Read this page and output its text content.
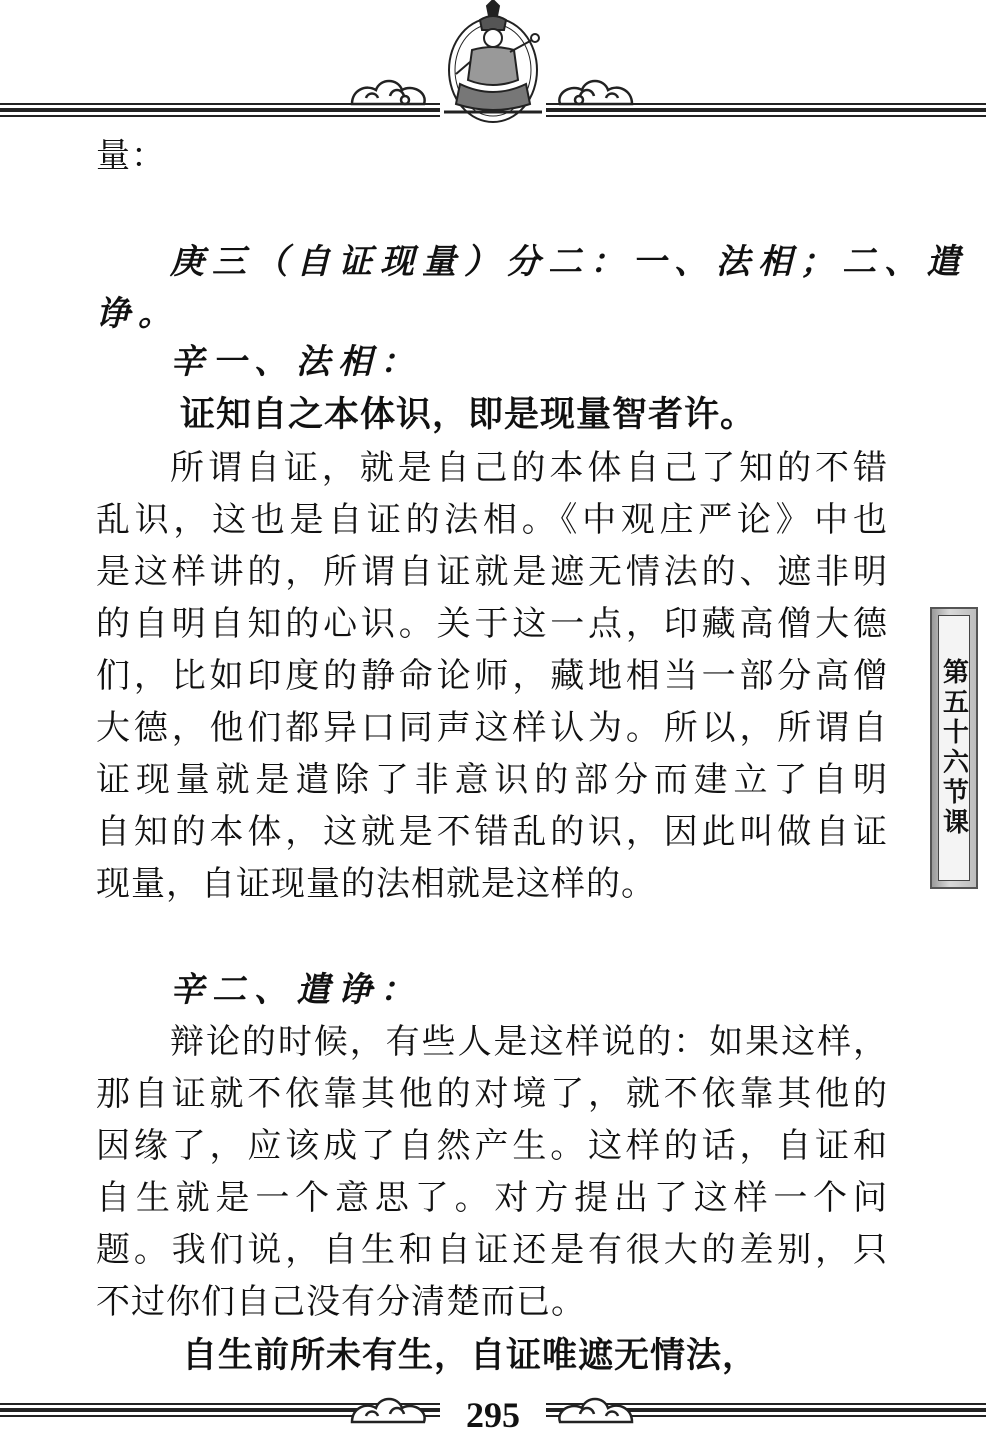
量：
庚三（自证现量）分二：一、法相；二、遣
诤。
辛一、法相：
证知自之本体识，即是现量智者许。
所谓自证，就是自己的本体自己了知的不错
乱识，这也是自证的法相。《中观庄严论》中也
是这样讲的，所谓自证就是遮无情法的、遮非明
的自明自知的心识。关于这一点，印藏高僧大德
们，比如印度的静命论师，藏地相当一部分高僧
大德，他们都异口同声这样认为。所以，所谓自
证现量就是遣除了非意识的部分而建立了自明
自知的本体，这就是不错乱的识，因此叫做自证
现量，自证现量的法相就是这样的。
辛二、遣诤：
辩论的时候，有些人是这样说的：如果这样，
那自证就不依靠其他的对境了，就不依靠其他的
因缘了，应该成了自然产生。这样的话，自证和
自生就是一个意思了。对方提出了这样一个问
题。我们说，自生和自证还是有很大的差别，只
不过你们自己没有分清楚而已。
自生前所未有生，自证唯遮无情法，
第五十六节课
295
